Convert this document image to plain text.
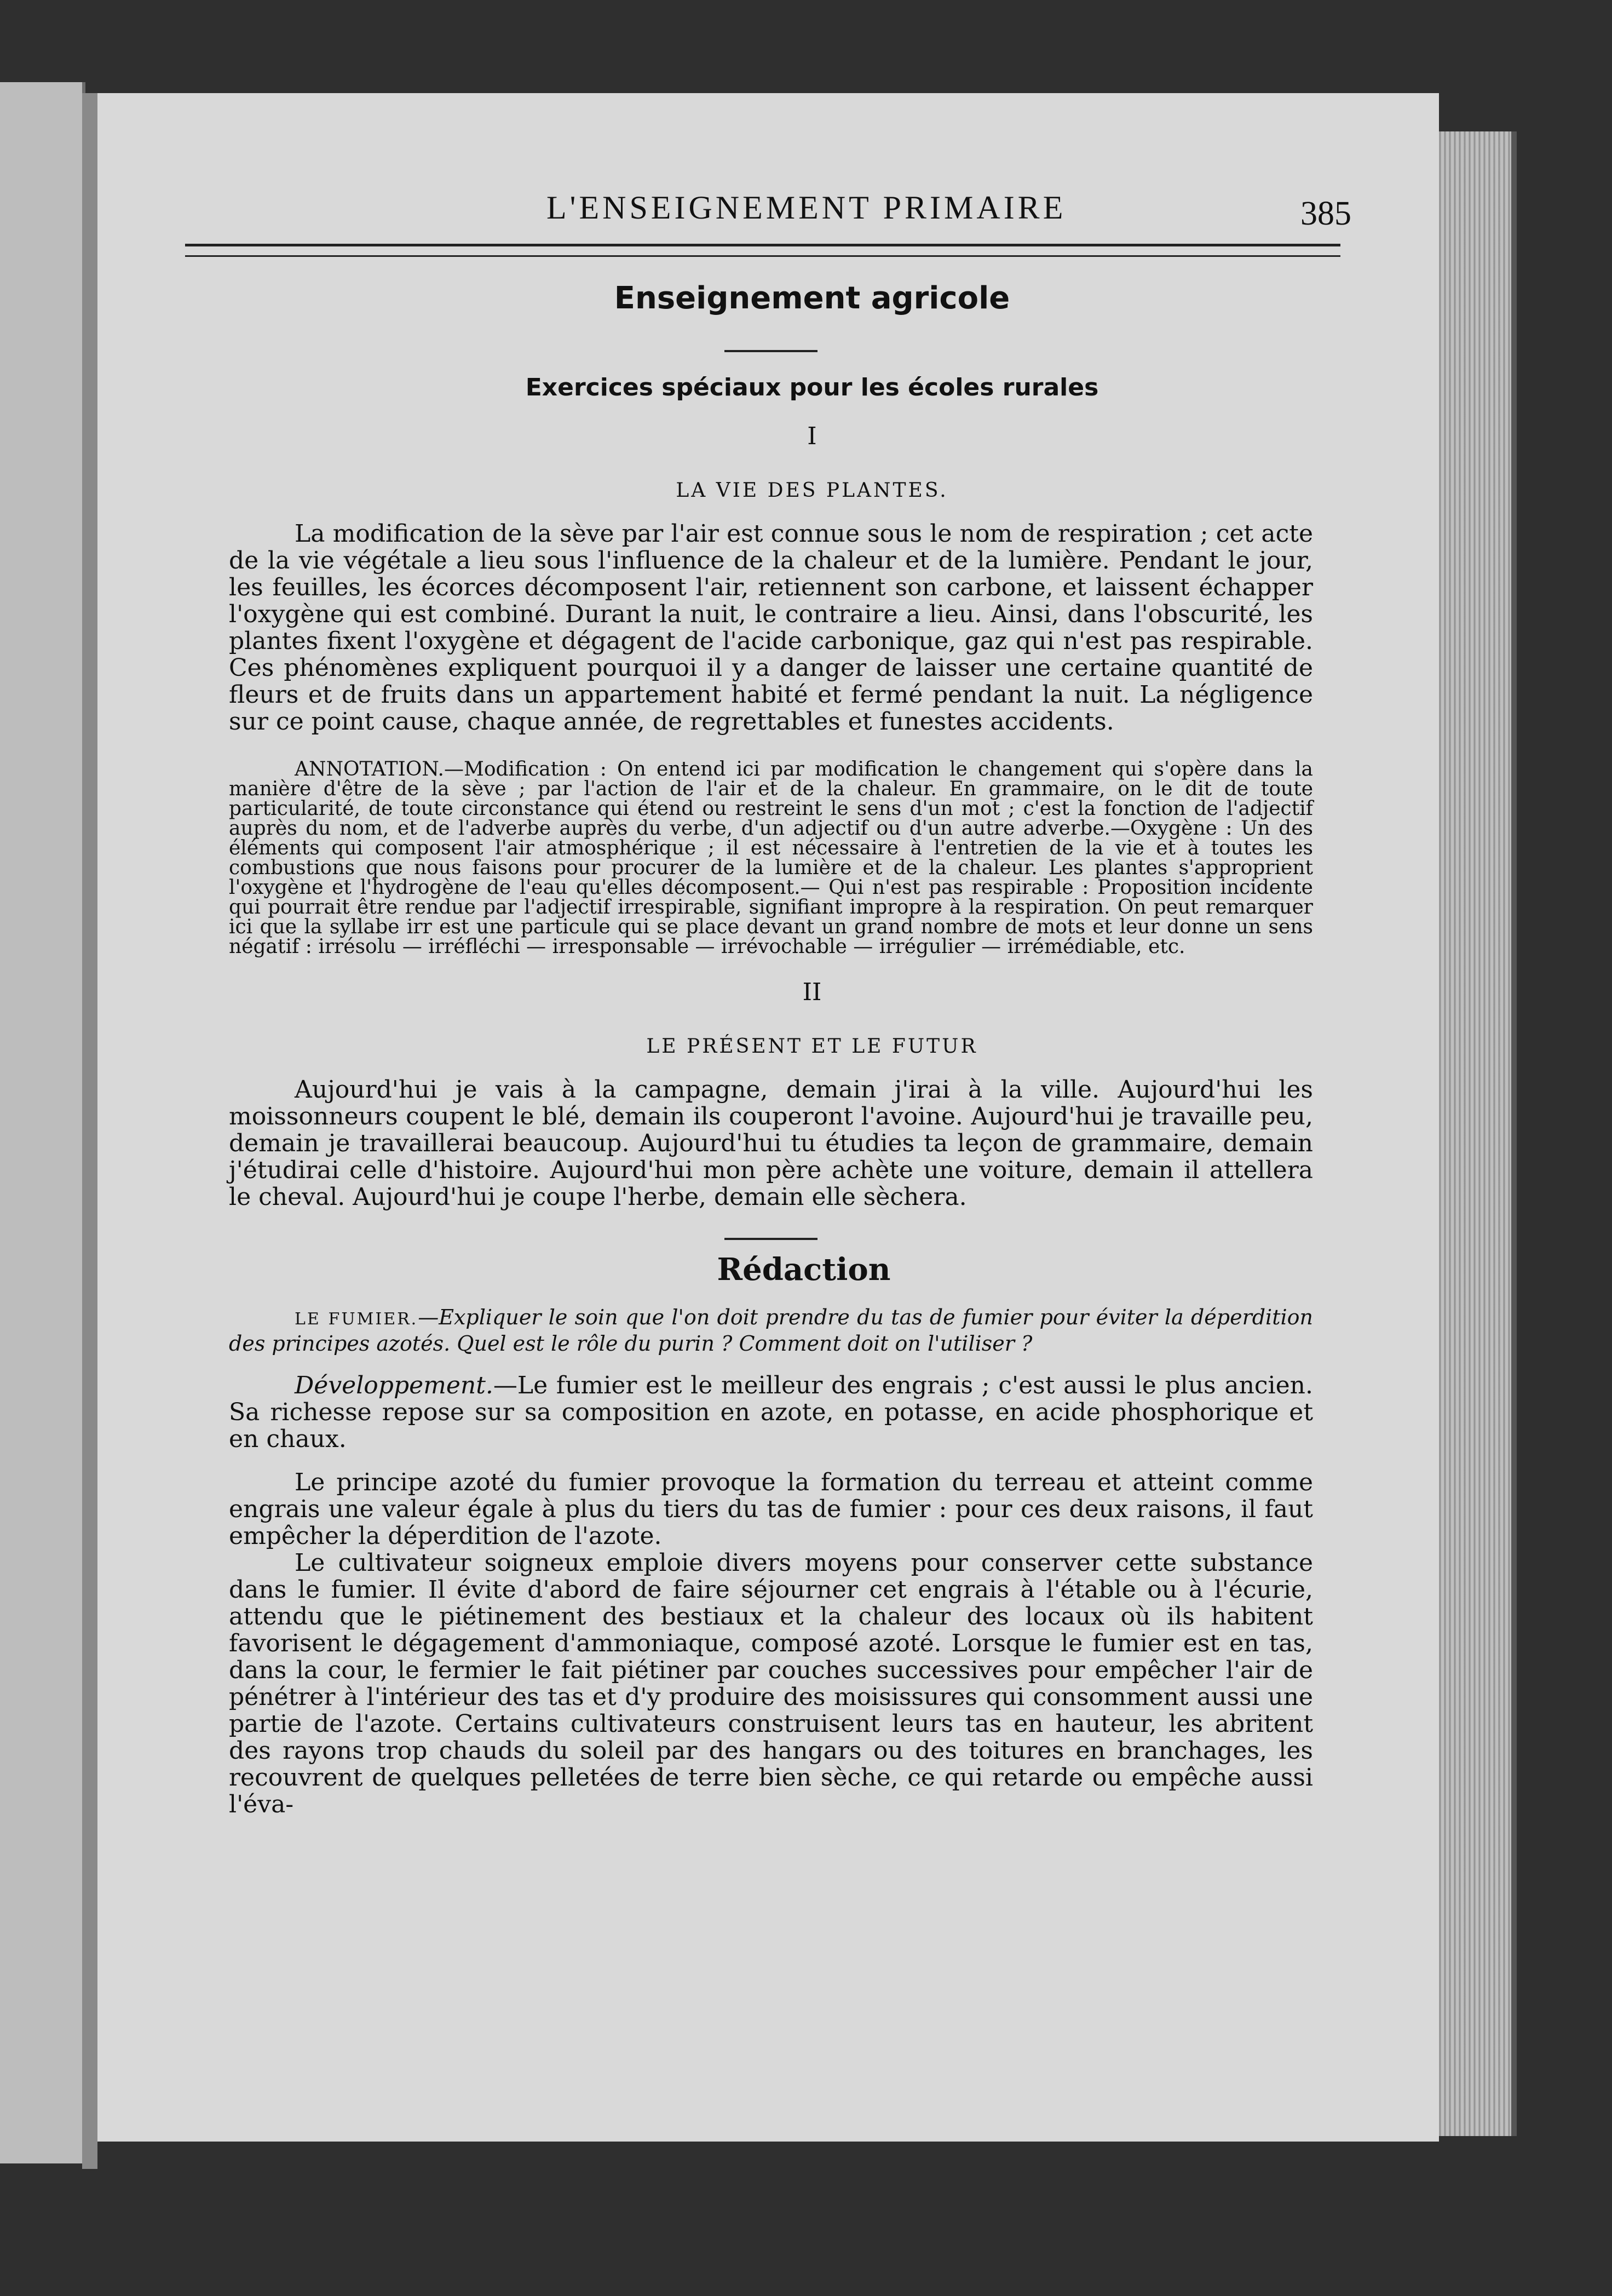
L'ENSEIGNEMENT PRIMAIRE	385
Enseignement agricole
Exercices spéciaux pour les écoles rurales
I
LA VIE DES PLANTES.

La modification de la sève par l'air est connue sous le nom de respiration ; cet acte de la vie végétale a lieu sous l'influence de la chaleur et de la lumière. Pendant le jour, les feuilles, les écorces décomposent l'air, retiennent son carbone, et laissent échapper l'oxygène qui est combiné. Durant la nuit, le contraire a lieu. Ainsi, dans l'obscurité, les plantes fixent l'oxygène et dégagent de l'acide carbonique, gaz qui n'est pas respirable. Ces phénomènes expliquent pourquoi il y a danger de laisser une certaine quantité de fleurs et de fruits dans un appartement habité et fermé pendant la nuit. La négligence sur ce point cause, chaque année, de regrettables et funestes accidents.

ANNOTATION.—Modification : On entend ici par modification le changement qui s'opère dans la manière d'être de la sève ; par l'action de l'air et de la chaleur. En grammaire, on le dit de toute particularité, de toute circonstance qui étend ou restreint le sens d'un mot ; c'est la fonction de l'adjectif auprès du nom, et de l'adverbe auprès du verbe, d'un adjectif ou d'un autre adverbe.—Oxygène : Un des éléments qui composent l'air atmosphérique ; il est nécessaire à l'entretien de la vie et à toutes les combustions que nous faisons pour procurer de la lumière et de la chaleur. Les plantes s'approprient l'oxygène et l'hydrogène de l'eau qu'elles décomposent.— Qui n'est pas respirable : Proposition incidente qui pourrait être rendue par l'adjectif irrespirable, signifiant impropre à la respiration. On peut remarquer ici que la syllabe irr est une particule qui se place devant un grand nombre de mots et leur donne un sens négatif : irrésolu — irréfléchi — irresponsable — irrévochable — irrégulier — irrémédiable, etc.

II
LE PRÉSENT ET LE FUTUR

Aujourd'hui je vais à la campagne, demain j'irai à la ville. Aujourd'hui les moissonneurs coupent le blé, demain ils couperont l'avoine. Aujourd'hui je travaille peu, demain je travaillerai beaucoup. Aujourd'hui tu étudies ta leçon de grammaire, demain j'étudirai celle d'histoire. Aujourd'hui mon père achète une voiture, demain il attellera le cheval. Aujourd'hui je coupe l'herbe, demain elle sèchera.

Rédaction

LE FUMIER.—Expliquer le soin que l'on doit prendre du tas de fumier pour éviter la déperdition des principes azotés. Quel est le rôle du purin ? Comment doit on l'utiliser ?

Développement.—Le fumier est le meilleur des engrais ; c'est aussi le plus ancien. Sa richesse repose sur sa composition en azote, en potasse, en acide phosphorique et en chaux.

Le principe azoté du fumier provoque la formation du terreau et atteint comme engrais une valeur égale à plus du tiers du tas de fumier : pour ces deux raisons, il faut empêcher la déperdition de l'azote.

Le cultivateur soigneux emploie divers moyens pour conserver cette substance dans le fumier. Il évite d'abord de faire séjourner cet engrais à l'étable ou à l'écurie, attendu que le piétinement des bestiaux et la chaleur des locaux où ils habitent favorisent le dégagement d'ammoniaque, composé azoté. Lorsque le fumier est en tas, dans la cour, le fermier le fait piétiner par couches successives pour empêcher l'air de pénétrer à l'intérieur des tas et d'y produire des moisissures qui consomment aussi une partie de l'azote. Certains cultivateurs construisent leurs tas en hauteur, les abritent des rayons trop chauds du soleil par des hangars ou des toitures en branchages, les recouvrent de quelques pelletées de terre bien sèche, ce qui retarde ou empêche aussi l'éva-
